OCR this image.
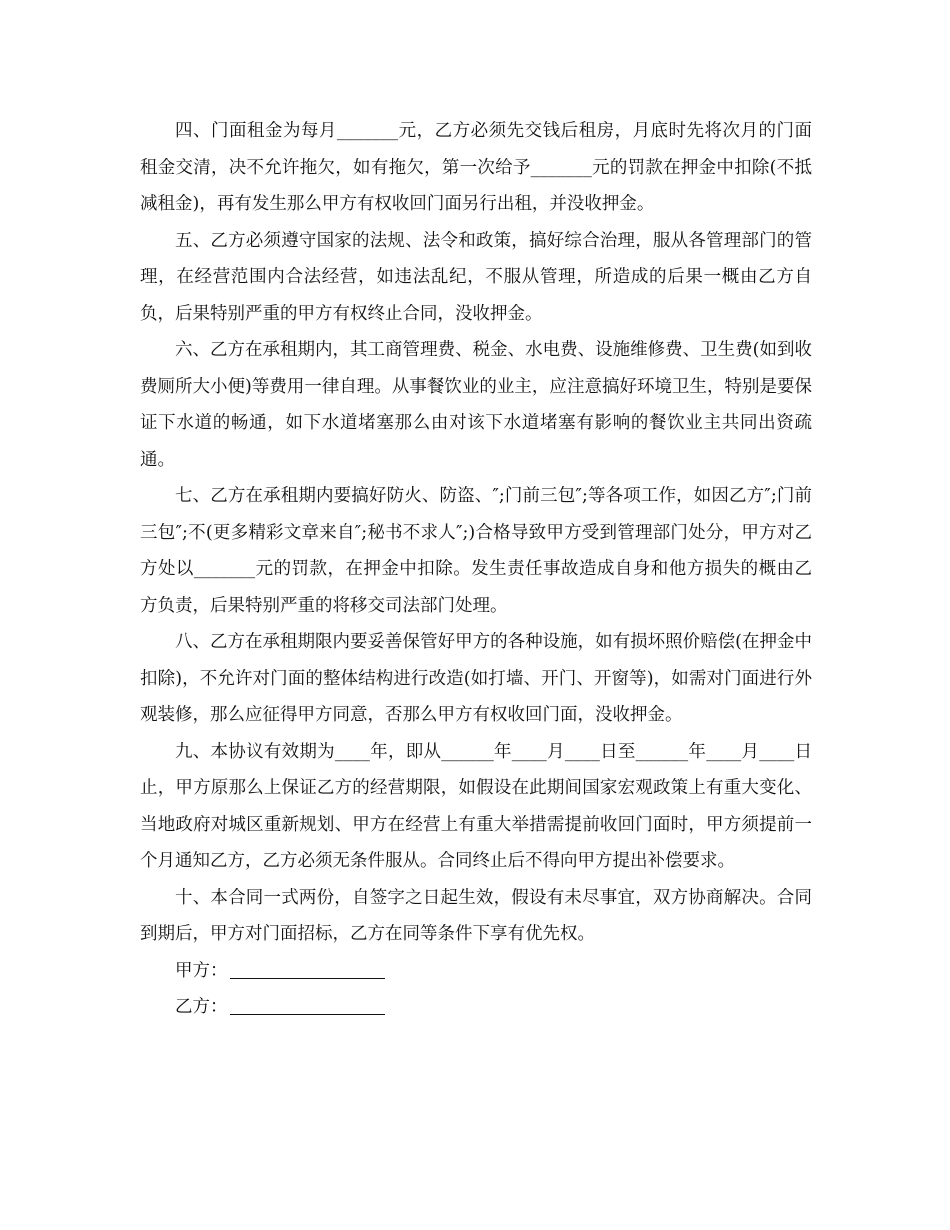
四、门面租金为每月_______元，乙方必须先交钱后租房，月底时先将次月的门面租金交清，决不允许拖欠，如有拖欠，第一次给予_______元的罚款在押金中扣除(不抵减租金)，再有发生那么甲方有权收回门面另行出租，并没收押金。

五、乙方必须遵守国家的法规、法令和政策，搞好综合治理，服从各管理部门的管理，在经营范围内合法经营，如违法乱纪，不服从管理，所造成的后果一概由乙方自负，后果特别严重的甲方有权终止合同，没收押金。

六、乙方在承租期内，其工商管理费、税金、水电费、设施维修费、卫生费(如到收费厕所大小便)等费用一律自理。从事餐饮业的业主，应注意搞好环境卫生，特别是要保证下水道的畅通，如下水道堵塞那么由对该下水道堵塞有影响的餐饮业主共同出资疏通。

七、乙方在承租期内要搞好防火、防盗、″;门前三包″;等各项工作，如因乙方″;门前三包″;不(更多精彩文章来自″;秘书不求人″;)合格导致甲方受到管理部门处分，甲方对乙方处以_______元的罚款，在押金中扣除。发生责任事故造成自身和他方损失的概由乙方负责，后果特别严重的将移交司法部门处理。

八、乙方在承租期限内要妥善保管好甲方的各种设施，如有损坏照价赔偿(在押金中扣除)，不允许对门面的整体结构进行改造(如打墙、开门、开窗等)，如需对门面进行外观装修，那么应征得甲方同意，否那么甲方有权收回门面，没收押金。

九、本协议有效期为____年，即从______年____月____日至______年____月____日止，甲方原那么上保证乙方的经营期限，如假设在此期间国家宏观政策上有重大变化、当地政府对城区重新规划、甲方在经营上有重大举措需提前收回门面时，甲方须提前一个月通知乙方，乙方必须无条件服从。合同终止后不得向甲方提出补偿要求。

十、本合同一式两份，自签字之日起生效，假设有未尽事宜，双方协商解决。合同到期后，甲方对门面招标，乙方在同等条件下享有优先权。

甲方：
乙方：
